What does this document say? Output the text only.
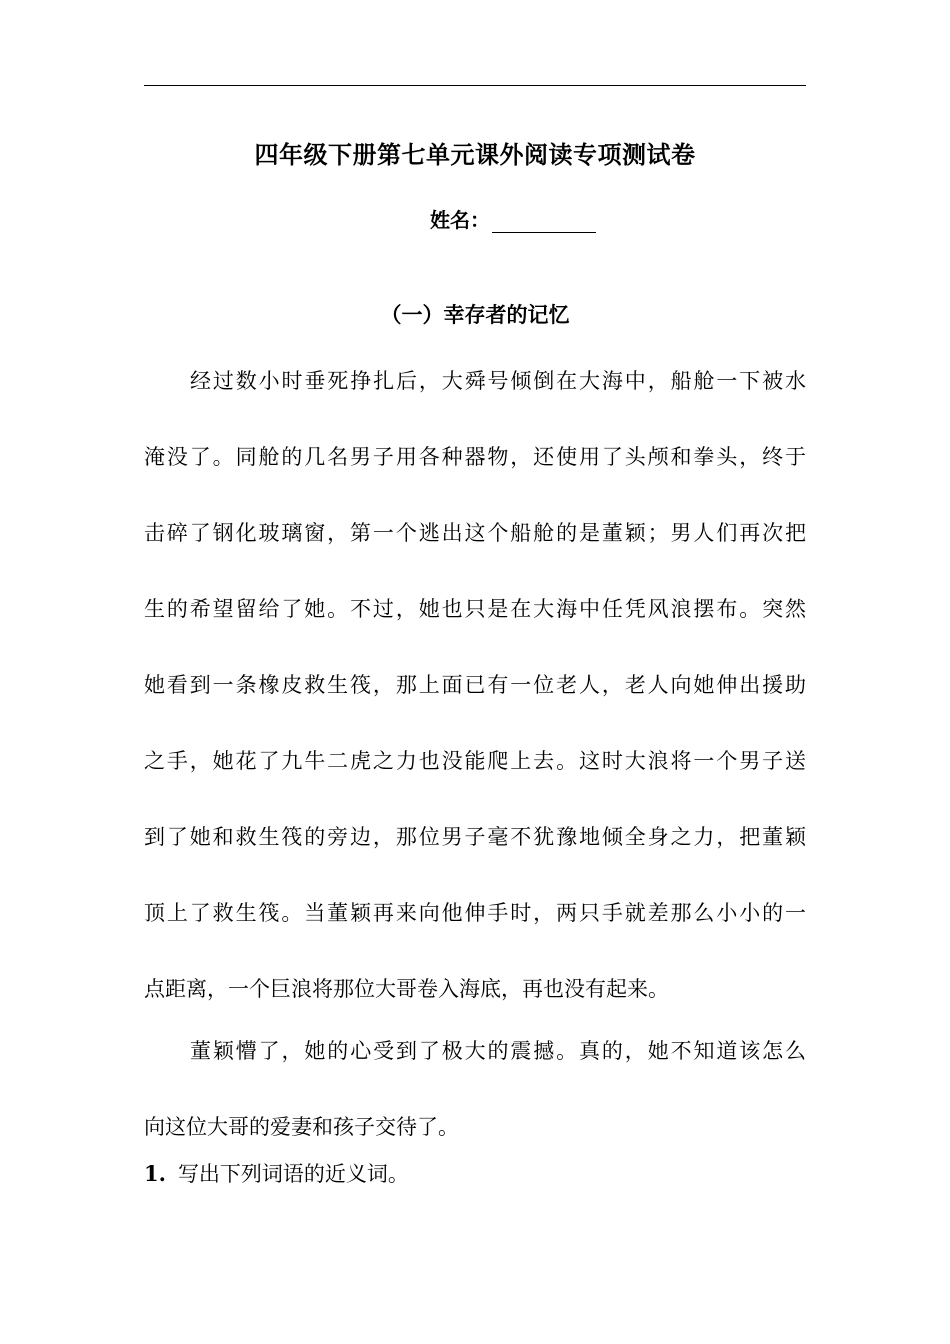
四年级下册第七单元课外阅读专项测试卷
姓名：
（一）幸存者的记忆
经过数小时垂死挣扎后，大舜号倾倒在大海中，船舱一下被水
淹没了。同舱的几名男子用各种器物，还使用了头颅和拳头，终于
击碎了钢化玻璃窗，第一个逃出这个船舱的是董颖；男人们再次把
生的希望留给了她。不过，她也只是在大海中任凭风浪摆布。突然
她看到一条橡皮救生筏，那上面已有一位老人，老人向她伸出援助
之手，她花了九牛二虎之力也没能爬上去。这时大浪将一个男子送
到了她和救生筏的旁边，那位男子毫不犹豫地倾全身之力，把董颖
顶上了救生筏。当董颖再来向他伸手时，两只手就差那么小小的一
点距离，一个巨浪将那位大哥卷入海底，再也没有起来。
董颖懵了，她的心受到了极大的震撼。真的，她不知道该怎么
向这位大哥的爱妻和孩子交待了。
1. 写出下列词语的近义词。
